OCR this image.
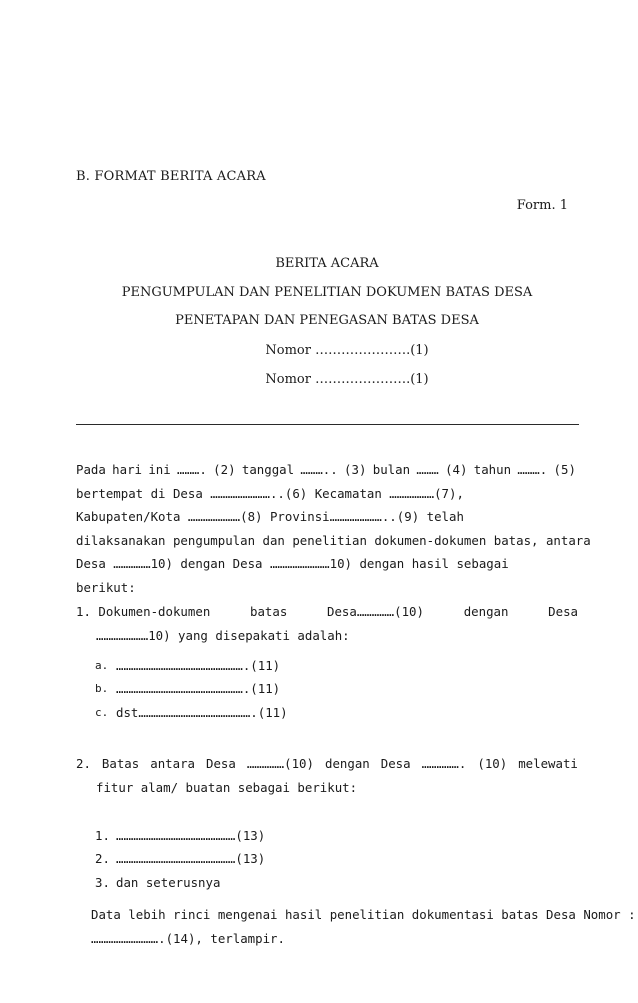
B. FORMAT BERITA ACARA
Form. 1
BERITA ACARA
PENGUMPULAN DAN PENELITIAN DOKUMEN BATAS DESA
PENETAPAN DAN PENEGASAN BATAS DESA
Nomor ………………….(1)
Nomor ………………….(1)
Pada hari ini ………. (2) tanggal ……….. (3) bulan ……… (4) tahun ………. (5)
bertempat di Desa ……………………..(6) Kecamatan ………………(7),
Kabupaten/Kota …………………(8) Provinsi…………………..(9) telah
dilaksanakan pengumpulan dan penelitian dokumen-dokumen batas, antara
Desa ……………10) dengan Desa ……………………10) dengan hasil sebagai
berikut:
1. Dokumen-dokumen	batas	Desa……………(10)	dengan	Desa
…………………10) yang disepakati adalah:
a. …………………………………………….(11)
b. …………………………………………….(11)
c. dst……………………………………….(11)
2. Batas antara Desa ……………(10) dengan Desa ……………. (10) melewati
fitur alam/ buatan sebagai berikut:
1. …………………………………………(13)
2. …………………………………………(13)
3. dan seterusnya
Data lebih rinci mengenai hasil penelitian dokumentasi batas Desa Nomor :
……………………….(14), terlampir.
